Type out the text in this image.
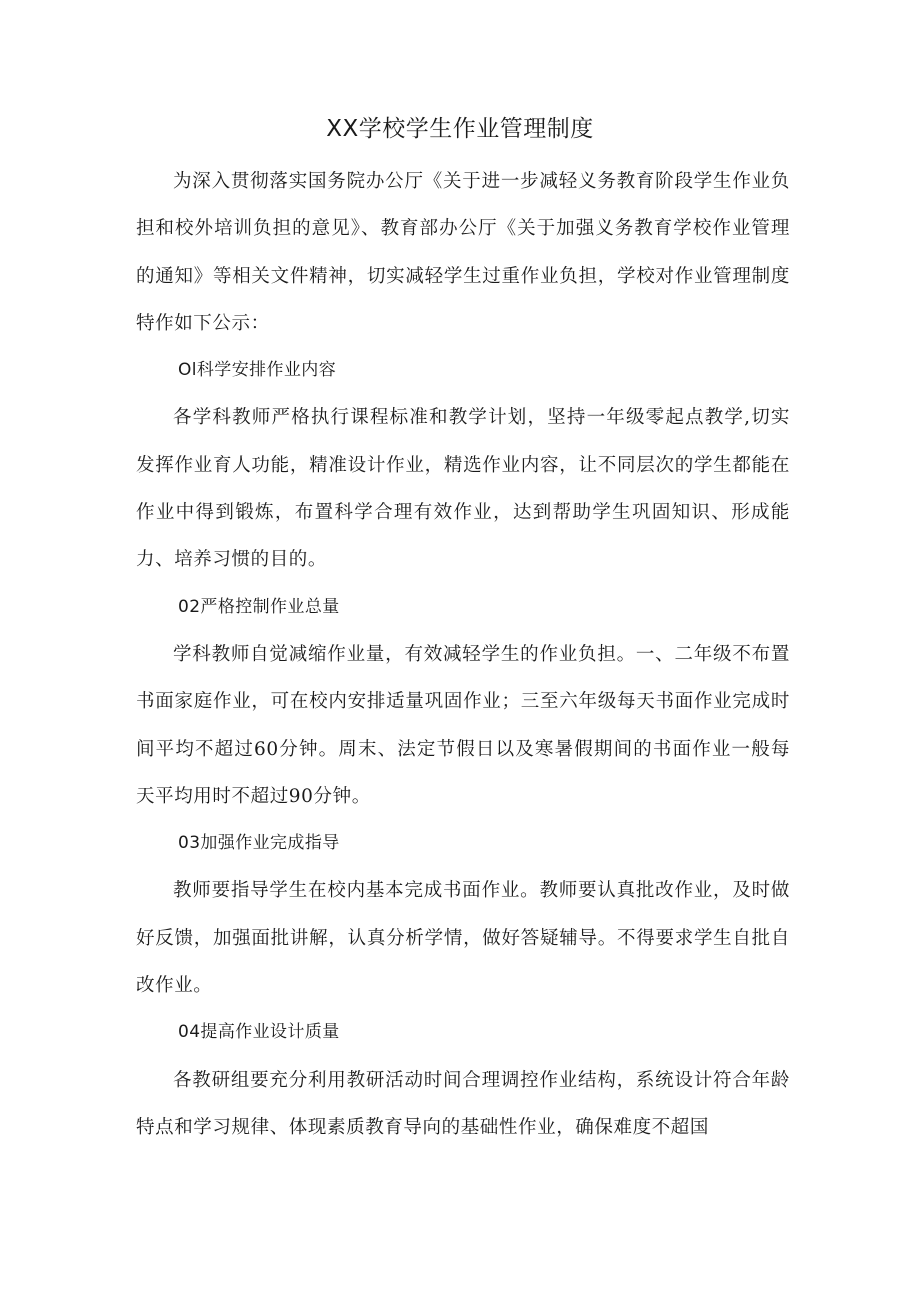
XX学校学生作业管理制度

为深入贯彻落实国务院办公厅《关于进一步减轻义务教育阶段学生作业负担和校外培训负担的意见》、教育部办公厅《关于加强义务教育学校作业管理的通知》等相关文件精神，切实减轻学生过重作业负担，学校对作业管理制度特作如下公示：

Ol科学安排作业内容

各学科教师严格执行课程标准和教学计划，坚持一年级零起点教学,切实发挥作业育人功能，精准设计作业，精选作业内容，让不同层次的学生都能在作业中得到锻炼，布置科学合理有效作业，达到帮助学生巩固知识、形成能力、培养习惯的目的。

02严格控制作业总量

学科教师自觉减缩作业量，有效减轻学生的作业负担。一、二年级不布置书面家庭作业，可在校内安排适量巩固作业；三至六年级每天书面作业完成时间平均不超过60分钟。周末、法定节假日以及寒暑假期间的书面作业一般每天平均用时不超过90分钟。

03加强作业完成指导

教师要指导学生在校内基本完成书面作业。教师要认真批改作业，及时做好反馈，加强面批讲解，认真分析学情，做好答疑辅导。不得要求学生自批自改作业。

04提高作业设计质量

各教研组要充分利用教研活动时间合理调控作业结构，系统设计符合年龄特点和学习规律、体现素质教育导向的基础性作业，确保难度不超国
